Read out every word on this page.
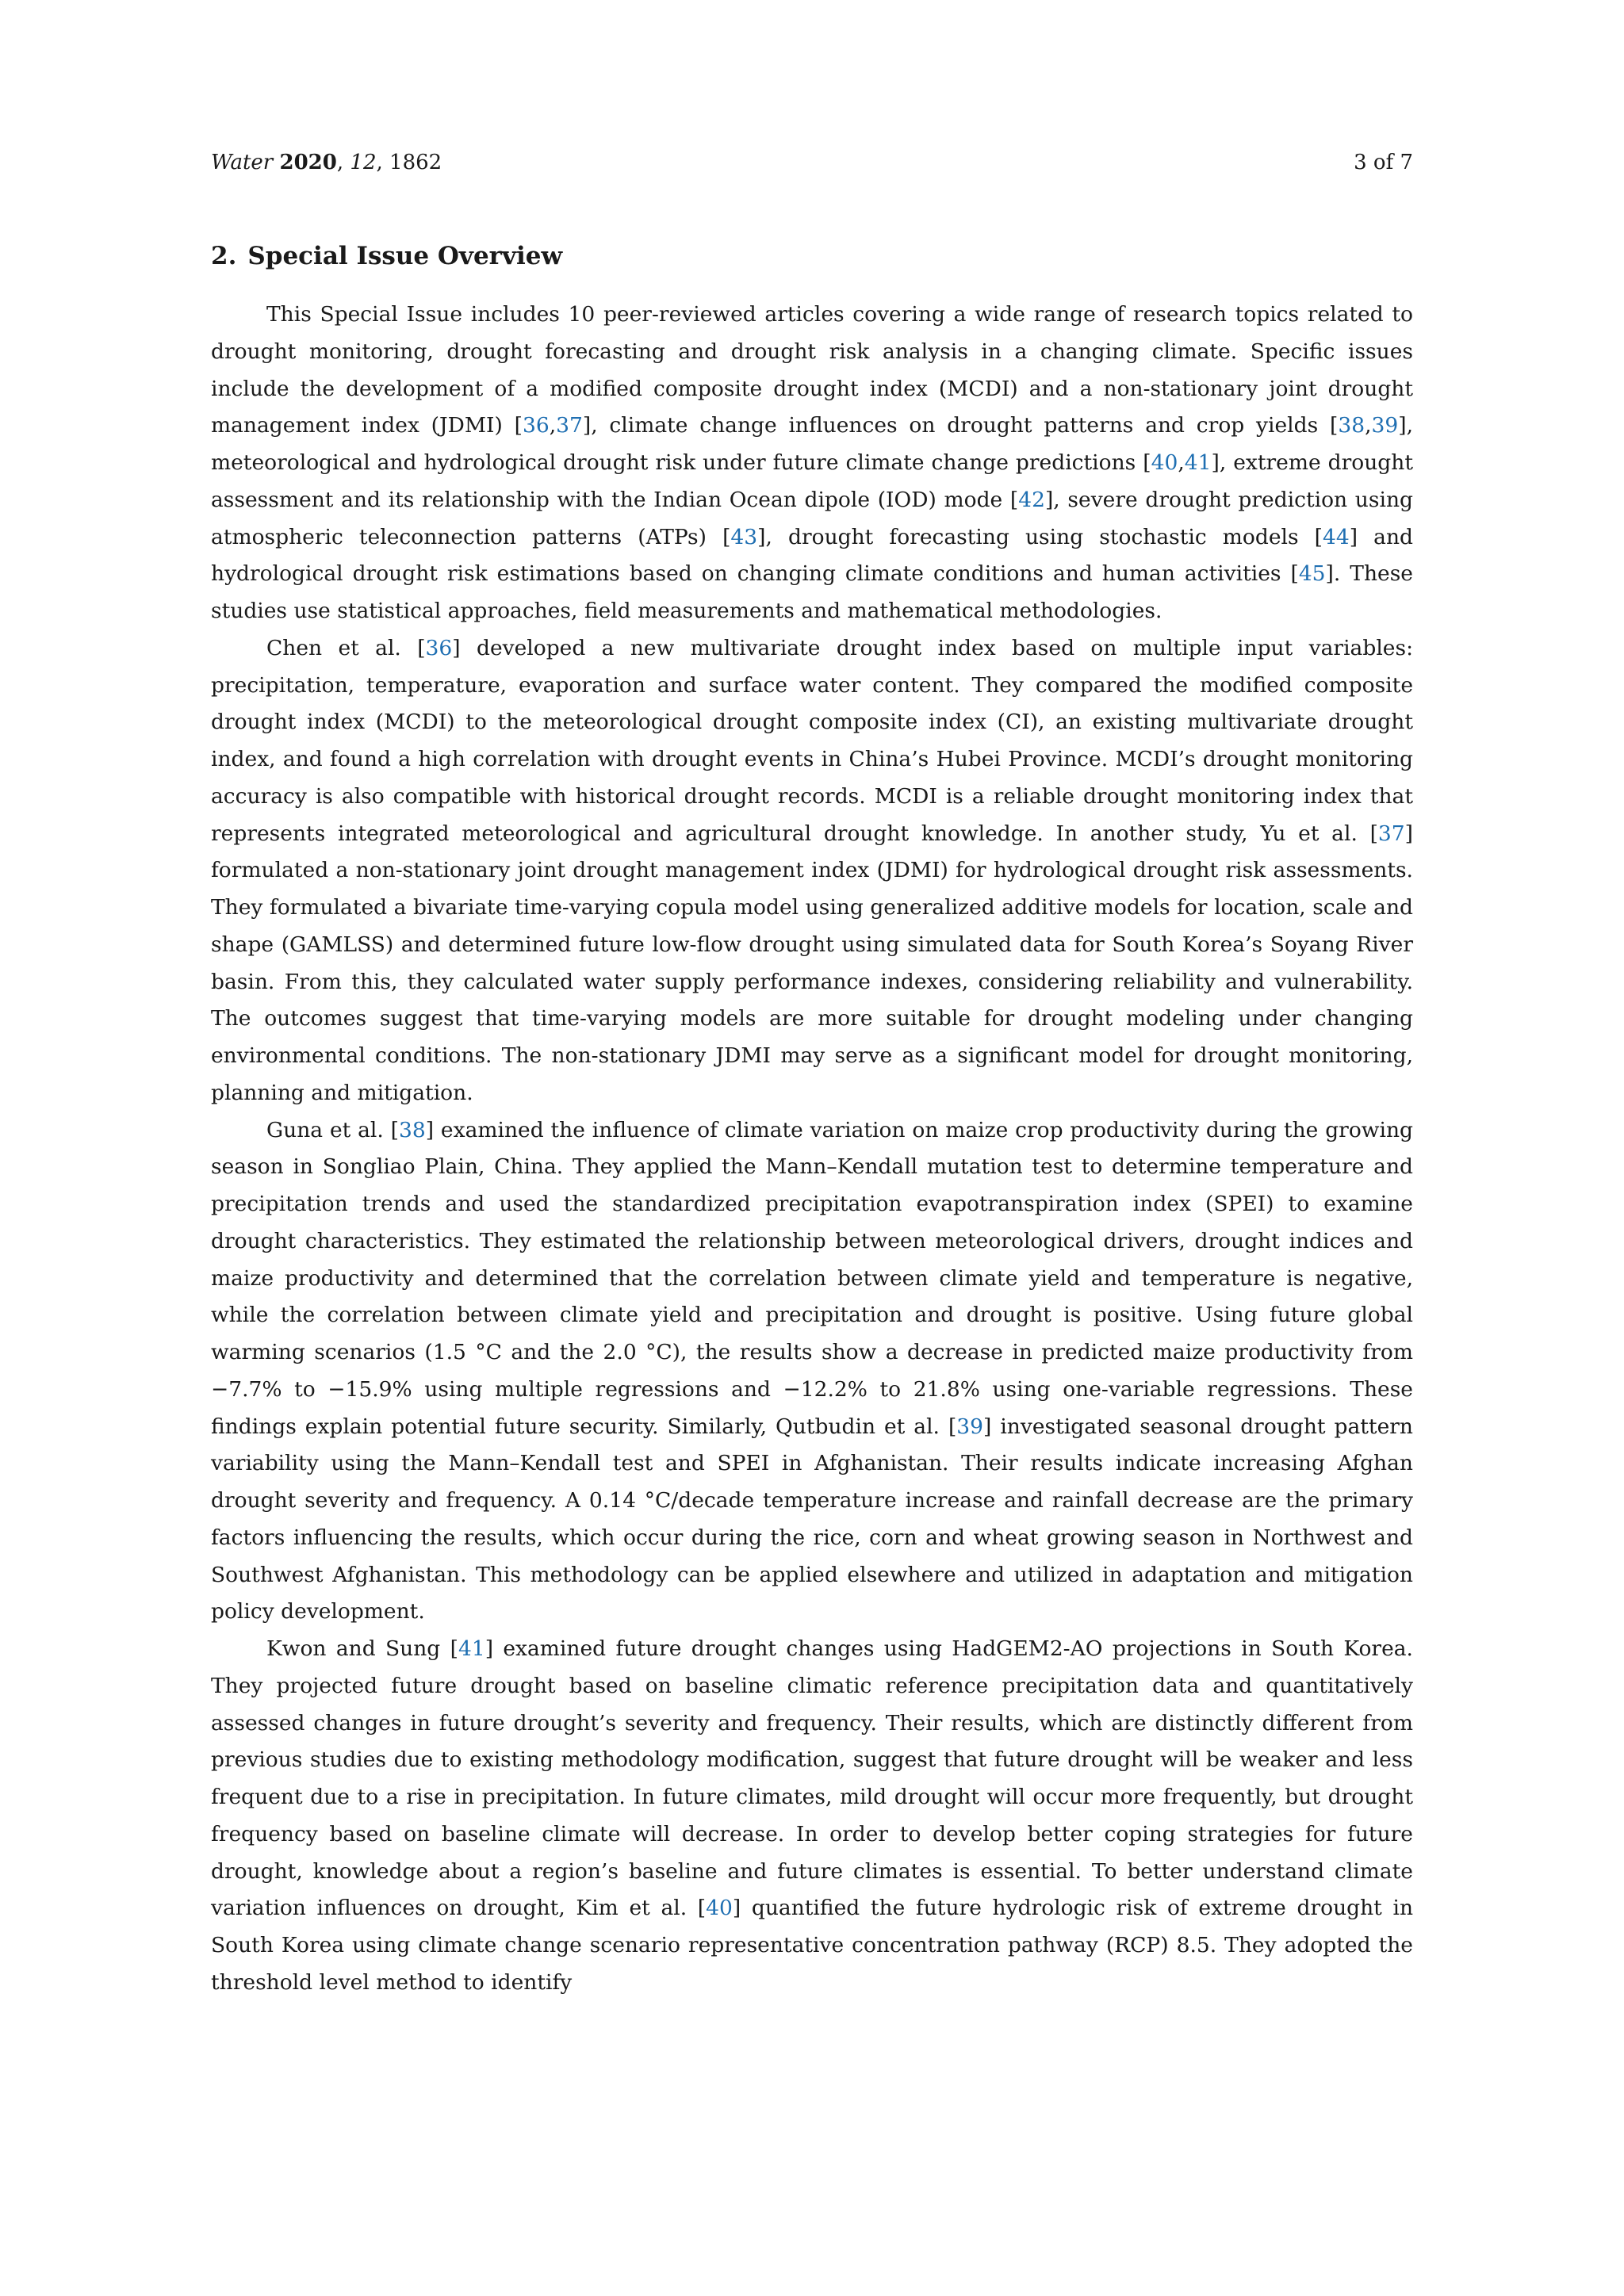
Water 2020, 12, 1862	3 of 7
2. Special Issue Overview

This Special Issue includes 10 peer-reviewed articles covering a wide range of research topics related to drought monitoring, drought forecasting and drought risk analysis in a changing climate. Specific issues include the development of a modified composite drought index (MCDI) and a non-stationary joint drought management index (JDMI) [36,37], climate change influences on drought patterns and crop yields [38,39], meteorological and hydrological drought risk under future climate change predictions [40,41], extreme drought assessment and its relationship with the Indian Ocean dipole (IOD) mode [42], severe drought prediction using atmospheric teleconnection patterns (ATPs) [43], drought forecasting using stochastic models [44] and hydrological drought risk estimations based on changing climate conditions and human activities [45]. These studies use statistical approaches, field measurements and mathematical methodologies.

Chen et al. [36] developed a new multivariate drought index based on multiple input variables: precipitation, temperature, evaporation and surface water content. They compared the modified composite drought index (MCDI) to the meteorological drought composite index (CI), an existing multivariate drought index, and found a high correlation with drought events in China’s Hubei Province. MCDI’s drought monitoring accuracy is also compatible with historical drought records. MCDI is a reliable drought monitoring index that represents integrated meteorological and agricultural drought knowledge. In another study, Yu et al. [37] formulated a non-stationary joint drought management index (JDMI) for hydrological drought risk assessments. They formulated a bivariate time-varying copula model using generalized additive models for location, scale and shape (GAMLSS) and determined future low-flow drought using simulated data for South Korea’s Soyang River basin. From this, they calculated water supply performance indexes, considering reliability and vulnerability. The outcomes suggest that time-varying models are more suitable for drought modeling under changing environmental conditions. The non-stationary JDMI may serve as a significant model for drought monitoring, planning and mitigation.

Guna et al. [38] examined the influence of climate variation on maize crop productivity during the growing season in Songliao Plain, China. They applied the Mann–Kendall mutation test to determine temperature and precipitation trends and used the standardized precipitation evapotranspiration index (SPEI) to examine drought characteristics. They estimated the relationship between meteorological drivers, drought indices and maize productivity and determined that the correlation between climate yield and temperature is negative, while the correlation between climate yield and precipitation and drought is positive. Using future global warming scenarios (1.5 °C and the 2.0 °C), the results show a decrease in predicted maize productivity from −7.7% to −15.9% using multiple regressions and −12.2% to 21.8% using one-variable regressions. These findings explain potential future security. Similarly, Qutbudin et al. [39] investigated seasonal drought pattern variability using the Mann–Kendall test and SPEI in Afghanistan. Their results indicate increasing Afghan drought severity and frequency. A 0.14 °C/decade temperature increase and rainfall decrease are the primary factors influencing the results, which occur during the rice, corn and wheat growing season in Northwest and Southwest Afghanistan. This methodology can be applied elsewhere and utilized in adaptation and mitigation policy development.

Kwon and Sung [41] examined future drought changes using HadGEM2-AO projections in South Korea. They projected future drought based on baseline climatic reference precipitation data and quantitatively assessed changes in future drought’s severity and frequency. Their results, which are distinctly different from previous studies due to existing methodology modification, suggest that future drought will be weaker and less frequent due to a rise in precipitation. In future climates, mild drought will occur more frequently, but drought frequency based on baseline climate will decrease. In order to develop better coping strategies for future drought, knowledge about a region’s baseline and future climates is essential. To better understand climate variation influences on drought, Kim et al. [40] quantified the future hydrologic risk of extreme drought in South Korea using climate change scenario representative concentration pathway (RCP) 8.5. They adopted the threshold level method to identify
